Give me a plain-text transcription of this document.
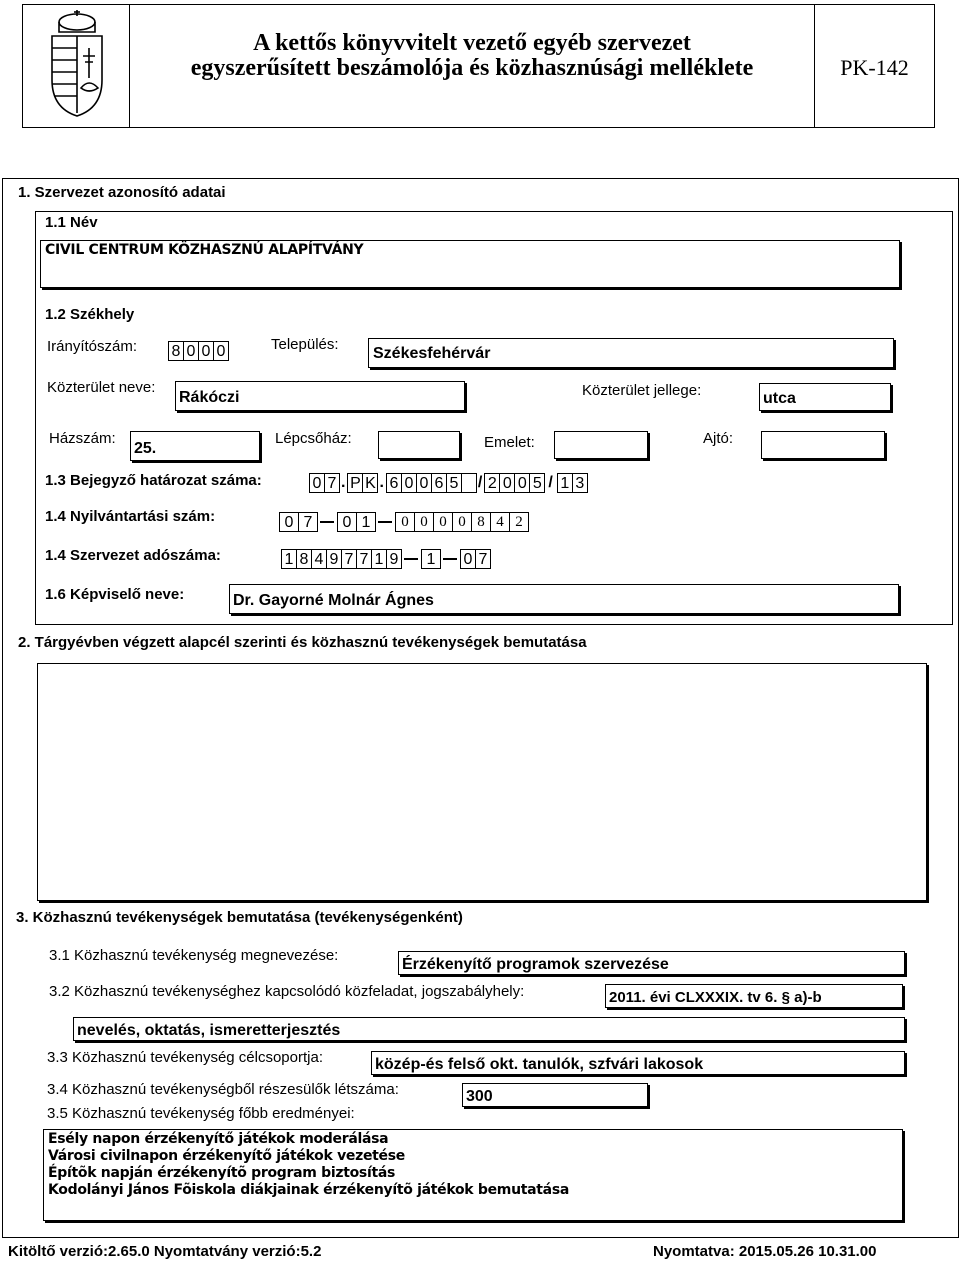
A kettős könyvvitelt vezető egyéb szervezet
egyszerűsített beszámolója és közhasznúsági melléklete	PK-142
1. Szervezet azonosító adatai
1.1 Név
CIVIL CENTRUM KÖZHASZNÚ ALAPÍTVÁNY
1.2 Székhely
Irányítószám: 8 0 0 0	Település:
Székesfehérvár
Közterület neve:
Rákóczi	Közterület jellege:	utca
Házszám:
25.
Lépcsőház:	Emelet:	Ajtó:
1.3 Bejegyző határozat száma:	0 7 . P K . 6 0 0 6 5 / 2 0 0 5 / 1 3
1.4 Nyilvántartási szám:	0 7	0 1	0 0 0 0 8 4 2
1.4 Szervezet adószáma:	1 8 4 9 7 7 1 9	1	0 7
1.6 Képviselő neve:	Dr. Gayorné Molnár Ágnes
2. Tárgyévben végzett alapcél szerinti és közhasznú tevékenységek bemutatása
3. Közhasznú tevékenységek bemutatása (tevékenységenként)
3.1 Közhasznú tevékenység megnevezése:
Érzékenyítő programok szervezése
3.2 Közhasznú tevékenységhez kapcsolódó közfeladat, jogszabályhely:	2011. évi CLXXXIX. tv 6. § a)-b
nevelés, oktatás, ismeretterjesztés
3.3 Közhasznú tevékenység célcsoportja:	közép-és felső okt. tanulók, szfvári lakosok
3.4 Közhasznú tevékenységből részesülők létszáma:	300
3.5 Közhasznú tevékenység főbb eredményei:
Esély napon érzékenyítő játékok moderálása
Városi civilnapon érzékenyítő játékok vezetése
Építõk napján érzékenyítõ program biztosítás
Kodolányi János Fõiskola diákjainak érzékenyítõ játékok bemutatása
Kitöltő verzió:2.65.0 Nyomtatvány verzió:5.2	Nyomtatva: 2015.05.26 10.31.00
